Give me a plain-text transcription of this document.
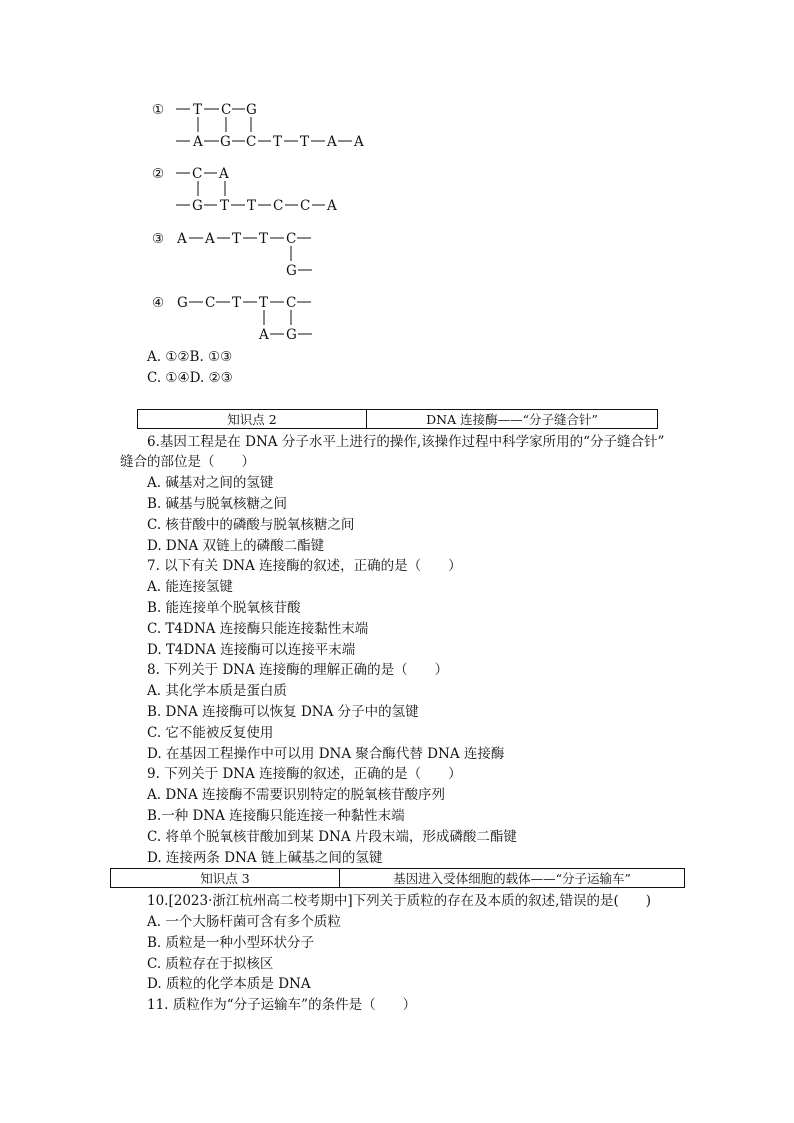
① T C G
A G C T T A A
② C A
G T T C C A
③ A A T T C
G
④ G C T T C
A G
A. ①②B. ①③
C. ①④D. ②③
知识点 2	DNA 连接酶——“分子缝合针”
6.基因工程是在 DNA 分子水平上进行的操作,该操作过程中科学家所用的“分子缝合针”
缝合的部位是（　　）
A. 碱基对之间的氢键
B. 碱基与脱氧核糖之间
C. 核苷酸中的磷酸与脱氧核糖之间
D. DNA 双链上的磷酸二酯键
7. 以下有关 DNA 连接酶的叙述，正确的是（　　）
A. 能连接氢键
B. 能连接单个脱氧核苷酸
C. T4DNA 连接酶只能连接黏性末端
D. T4DNA 连接酶可以连接平末端
8. 下列关于 DNA 连接酶的理解正确的是（　　）
A. 其化学本质是蛋白质
B. DNA 连接酶可以恢复 DNA 分子中的氢键
C. 它不能被反复使用
D. 在基因工程操作中可以用 DNA 聚合酶代替 DNA 连接酶
9. 下列关于 DNA 连接酶的叙述，正确的是（　　）
A. DNA 连接酶不需要识别特定的脱氧核苷酸序列
B.一种 DNA 连接酶只能连接一种黏性末端
C. 将单个脱氧核苷酸加到某 DNA 片段末端，形成磷酸二酯键
D. 连接两条 DNA 链上碱基之间的氢键
知识点 3	基因进入受体细胞的载体——“分子运输车”
10.[2023·浙江杭州高二校考期中]下列关于质粒的存在及本质的叙述,错误的是(　　)
A. 一个大肠杆菌可含有多个质粒
B. 质粒是一种小型环状分子
C. 质粒存在于拟核区
D. 质粒的化学本质是 DNA
11. 质粒作为“分子运输车”的条件是（　　）
